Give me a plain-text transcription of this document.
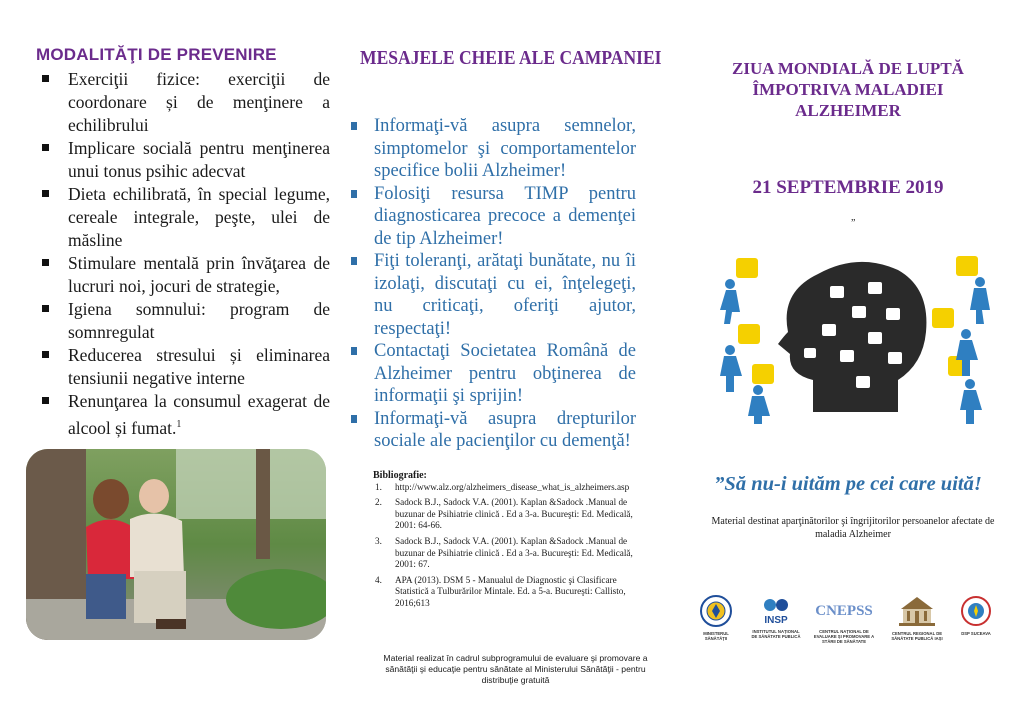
MODALITĂŢI DE PREVENIRE
Exerciţii fizice: exerciţii de coordonare și de menţinere a echilibrului
Implicare socială pentru menţinerea unui tonus psihic adecvat
Dieta echilibrată, în special legume, cereale integrale, peşte, ulei de măsline
Stimulare mentală prin învăţarea de lucruri noi, jocuri de strategie,
Igiena somnului: program de somnregulat
Reducerea stresului și eliminarea tensiunii negative interne
Renunţarea la consumul exagerat de alcool și fumat.$^1$
MESAJELE CHEIE ALE CAMPANIEI
Informaţi-vă asupra semnelor, simptomelor şi comportamentelor specifice bolii Alzheimer!
Folosiţi resursa TIMP pentru diagnosticarea precoce a demenţei de tip Alzheimer!
Fiţi toleranţi, arătaţi bunătate, nu îi izolaţi, discutaţi cu ei, înţelegeţi, nu criticaţi, oferiţi ajutor, respectaţi!
Contactaţi Societatea Română de Alzheimer pentru obţinerea de informaţii şi sprijin!
Informaţi-vă asupra drepturilor sociale ale pacienţilor cu demenţă!
Bibliografie:
1. http://www.alz.org/alzheimers_disease_what_is_alzheimers.asp
2. Sadock B.J., Sadock V.A. (2001). Kaplan &Sadock .Manual de buzunar de Psihiatrie clinică . Ed a 3-a. Bucureşti: Ed. Medicală, 2001: 64-66.
3. Sadock B.J., Sadock V.A. (2001). Kaplan &Sadock .Manual de buzunar de Psihiatrie clinică . Ed a 3-a. Bucureşti: Ed. Medicală, 2001: 67.
4. APA (2013). DSM 5 - Manualul de Diagnostic şi Clasificare Statistică a Tulburărilor Mintale. Ed. a 5-a. Bucureşti: Callisto, 2016;613
Material realizat în cadrul subprogramului de evaluare şi promovare a sănătăţii şi educaţie pentru sănătate al Ministerului Sănătăţii - pentru distribuţie gratuită
ZIUA MONDIALĂ DE LUPTĂ ÎMPOTRIVA MALADIEI ALZHEIMER
21 SEPTEMBRIE 2019
„
”Să nu-i uităm pe cei care uită!
Material destinat aparţinătorilor şi îngrijitorilor persoanelor afectate de maladia Alzheimer
MINISTERUL SĂNĂTĂŢII
INSP
INSTITUTUL NAȚIONAL DE SĂNĂTATE PUBLICĂ
CNEPSS
CENTRUL NAȚIONAL DE EVALUARE ȘI PROMOVARE A STĂRII DE SĂNĂTATE
CENTRUL REGIONAL DE SĂNĂTATE PUBLICĂ IAȘI
DSP SUCEAVA
